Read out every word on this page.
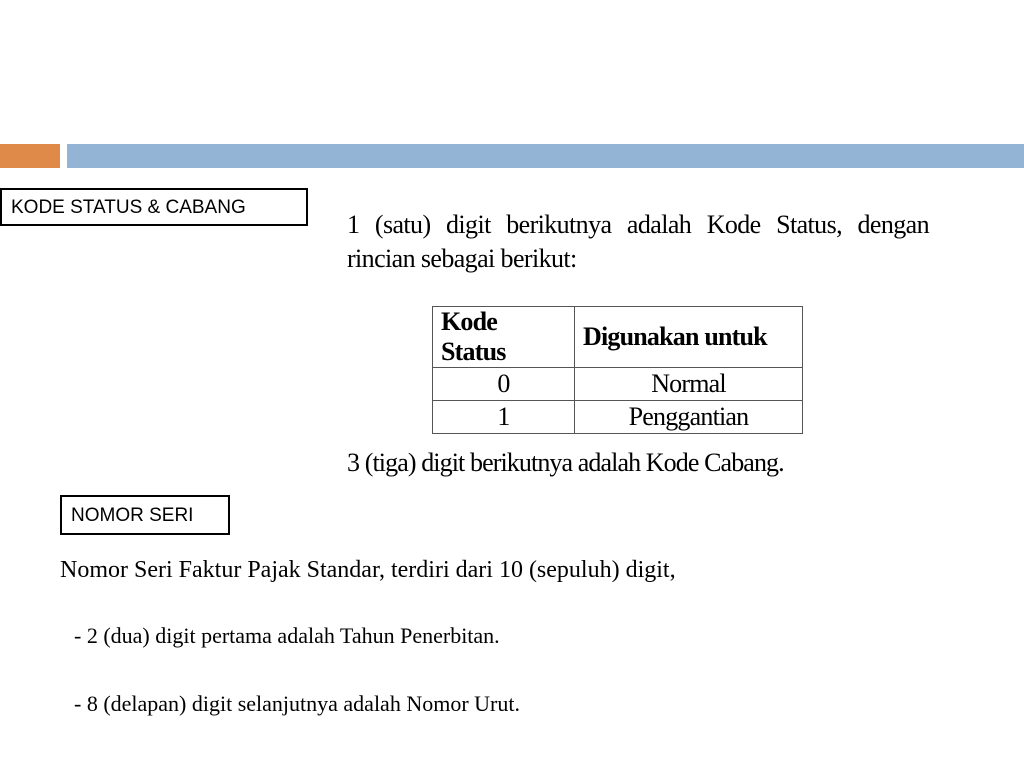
KODE STATUS & CABANG
1 (satu) digit berikutnya adalah Kode Status, dengan rincian sebagai berikut:
Kode Status	Digunakan untuk
0	Normal
1	Penggantian
3 (tiga) digit berikutnya adalah Kode Cabang.
NOMOR SERI
Nomor Seri Faktur Pajak Standar, terdiri dari 10 (sepuluh) digit,
- 2 (dua) digit pertama adalah Tahun Penerbitan.
- 8 (delapan) digit selanjutnya adalah Nomor Urut.
